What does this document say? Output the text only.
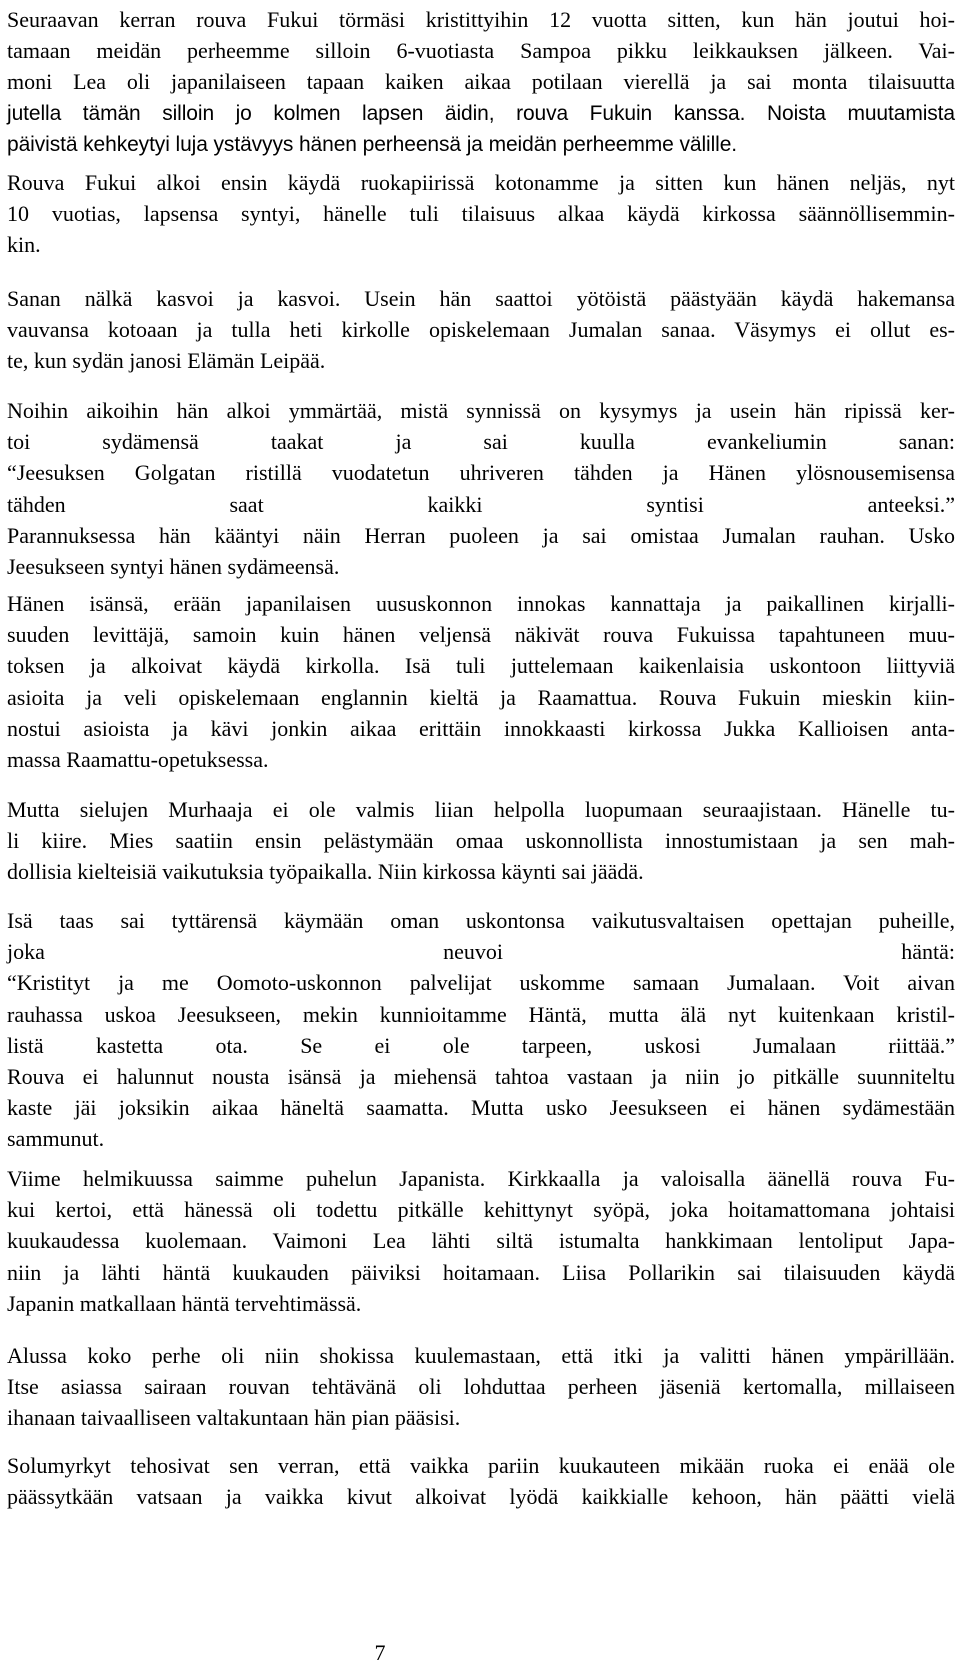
Seuraavan kerran rouva Fukui törmäsi kristittyihin 12 vuotta sitten, kun hän joutui hoi-
tamaan meidän perheemme silloin 6-vuotiasta Sampoa pikku leikkauksen jälkeen. Vai-
moni Lea oli japanilaiseen tapaan kaiken aikaa potilaan vierellä ja sai monta tilaisuutta
jutella tämän silloin jo kolmen lapsen äidin, rouva Fukuin kanssa. Noista muutamista
päivistä kehkeytyi luja ystävyys hänen perheensä ja meidän perheemme välille.
Rouva Fukui alkoi ensin käydä ruokapiirissä kotonamme ja sitten kun hänen neljäs, nyt
10 vuotias, lapsensa syntyi, hänelle tuli tilaisuus alkaa käydä kirkossa säännöllisemmin-
kin.
Sanan nälkä kasvoi ja kasvoi. Usein hän saattoi yötöistä päästyään käydä hakemansa
vauvansa kotoaan ja tulla heti kirkolle opiskelemaan Jumalan sanaa. Väsymys ei ollut es-
te, kun sydän janosi Elämän Leipää.
Noihin aikoihin hän alkoi ymmärtää, mistä synnissä on kysymys ja usein hän ripissä ker-
toi sydämensä taakat ja sai kuulla evankeliumin sanan:
“Jeesuksen Golgatan ristillä vuodatetun uhriveren tähden ja Hänen ylösnousemisensa
tähden saat kaikki syntisi anteeksi.”
Parannuksessa hän kääntyi näin Herran puoleen ja sai omistaa Jumalan rauhan. Usko
Jeesukseen syntyi hänen sydämeensä.
Hänen isänsä, erään japanilaisen uususkonnon innokas kannattaja ja paikallinen kirjalli-
suuden levittäjä, samoin kuin hänen veljensä näkivät rouva Fukuissa tapahtuneen muu-
toksen ja alkoivat käydä kirkolla. Isä tuli juttelemaan kaikenlaisia uskontoon liittyviä
asioita ja veli opiskelemaan englannin kieltä ja Raamattua. Rouva Fukuin mieskin kiin-
nostui asioista ja kävi jonkin aikaa erittäin innokkaasti kirkossa Jukka Kallioisen anta-
massa Raamattu-opetuksessa.
Mutta sielujen Murhaaja ei ole valmis liian helpolla luopumaan seuraajistaan. Hänelle tu-
li kiire. Mies saatiin ensin pelästymään omaa uskonnollista innostumistaan ja sen mah-
dollisia kielteisiä vaikutuksia työpaikalla. Niin kirkossa käynti sai jäädä.
Isä taas sai tyttärensä käymään oman uskontonsa vaikutusvaltaisen opettajan puheille,
joka neuvoi häntä:
“Kristityt ja me Oomoto-uskonnon palvelijat uskomme samaan Jumalaan. Voit aivan
rauhassa uskoa Jeesukseen, mekin kunnioitamme Häntä, mutta älä nyt kuitenkaan kristil-
listä kastetta ota. Se ei ole tarpeen, uskosi Jumalaan riittää.”
Rouva ei halunnut nousta isänsä ja miehensä tahtoa vastaan ja niin jo pitkälle suunniteltu
kaste jäi joksikin aikaa häneltä saamatta. Mutta usko Jeesukseen ei hänen sydämestään
sammunut.
Viime helmikuussa saimme puhelun Japanista. Kirkkaalla ja valoisalla äänellä rouva Fu-
kui kertoi, että hänessä oli todettu pitkälle kehittynyt syöpä, joka hoitamattomana johtaisi
kuukaudessa kuolemaan. Vaimoni Lea lähti siltä istumalta hankkimaan lentoliput Japa-
niin ja lähti häntä kuukauden päiviksi hoitamaan. Liisa Pollarikin sai tilaisuuden käydä
Japanin matkallaan häntä tervehtimässä.
Alussa koko perhe oli niin shokissa kuulemastaan, että itki ja valitti hänen ympärillään.
Itse asiassa sairaan rouvan tehtävänä oli lohduttaa perheen jäseniä kertomalla, millaiseen
ihanaan taivaalliseen valtakuntaan hän pian pääsisi.
Solumyrkyt tehosivat sen verran, että vaikka pariin kuukauteen mikään ruoka ei enää ole
päässytkään vatsaan ja vaikka kivut alkoivat lyödä kaikkialle kehoon, hän päätti vielä
7
